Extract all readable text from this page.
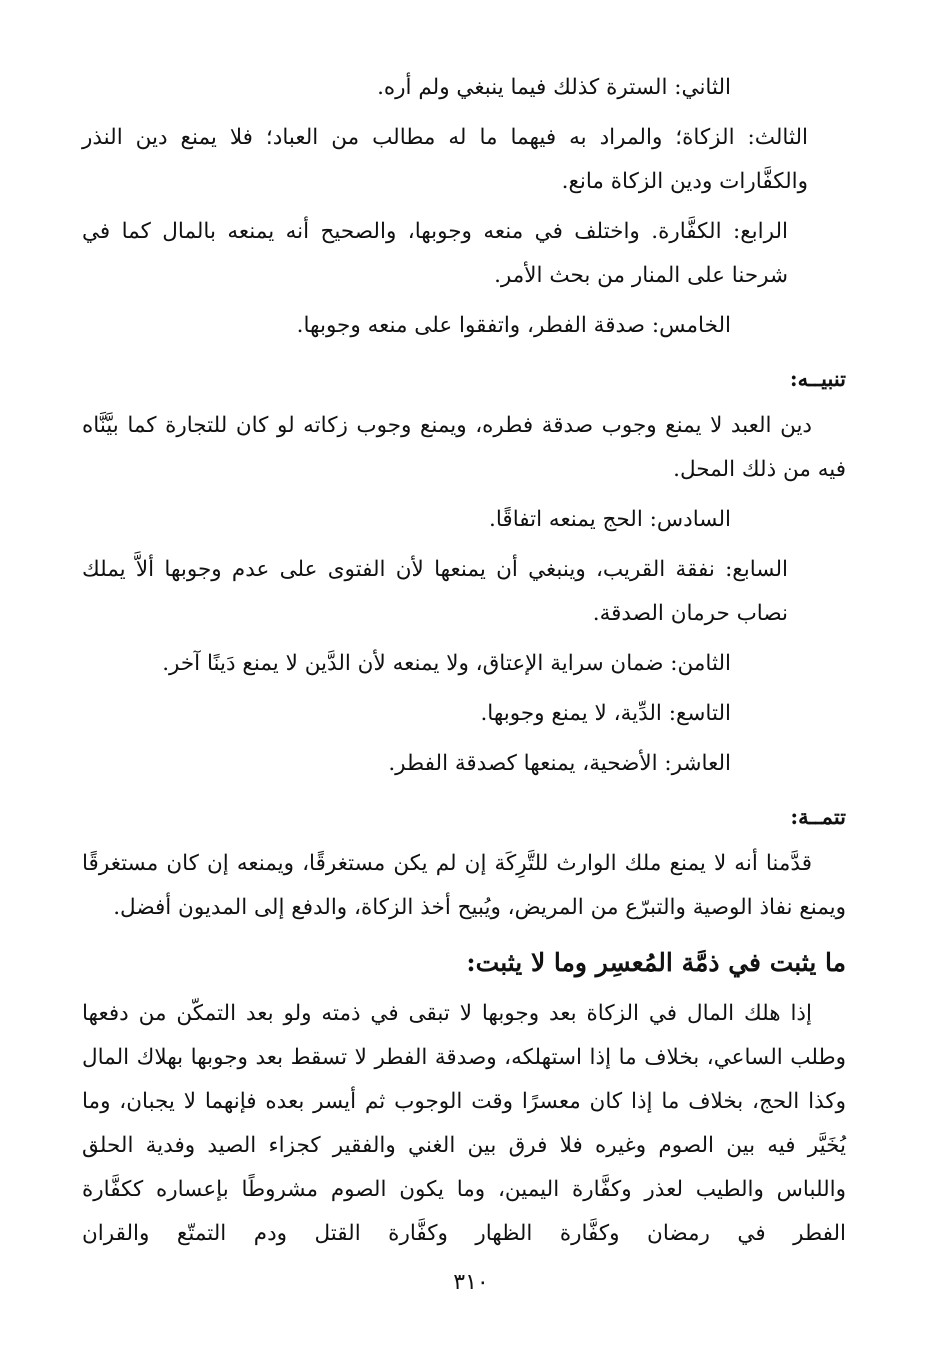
الثاني: السترة كذلك فيما ينبغي ولم أره.

الثالث: الزكاة؛ والمراد به فيهما ما له مطالب من العباد؛ فلا يمنع دين النذر والكفَّارات ودين الزكاة مانع.

الرابع: الكفَّارة. واختلف في منعه وجوبها، والصحيح أنه يمنعه بالمال كما في شرحنا على المنار من بحث الأمر.

الخامس: صدقة الفطر، واتفقوا على منعه وجوبها.

تنبيــه:

دين العبد لا يمنع وجوب صدقة فطره، ويمنع وجوب زكاته لو كان للتجارة كما بيَّنَّاه فيه من ذلك المحل.

السادس: الحج يمنعه اتفاقًا.

السابع: نفقة القريب، وينبغي أن يمنعها لأن الفتوى على عدم وجوبها ألاَّ يملك نصاب حرمان الصدقة.

الثامن: ضمان سراية الإعتاق، ولا يمنعه لأن الدَّين لا يمنع دَينًا آخر.

التاسع: الدِّية، لا يمنع وجوبها.

العاشر: الأضحية، يمنعها كصدقة الفطر.

تتمــة:

قدَّمنا أنه لا يمنع ملك الوارث للتَّرِكَة إن لم يكن مستغرقًا، ويمنعه إن كان مستغرقًا ويمنع نفاذ الوصية والتبرّع من المريض، ويُبيح أخذ الزكاة، والدفع إلى المديون أفضل.

ما يثبت في ذمَّة المُعسِر وما لا يثبت:

إذا هلك المال في الزكاة بعد وجوبها لا تبقى في ذمته ولو بعد التمكّن من دفعها وطلب الساعي، بخلاف ما إذا استهلكه، وصدقة الفطر لا تسقط بعد وجوبها بهلاك المال وكذا الحج، بخلاف ما إذا كان معسرًا وقت الوجوب ثم أيسر بعده فإنهما لا يجبان، وما يُخَيَّر فيه بين الصوم وغيره فلا فرق بين الغني والفقير كجزاء الصيد وفدية الحلق واللباس والطيب لعذر وكفَّارة اليمين، وما يكون الصوم مشروطًا بإعساره ككفَّارة الفطر في رمضان وكفَّارة الظهار وكفَّارة القتل ودم التمتّع والقران

٣١٠
